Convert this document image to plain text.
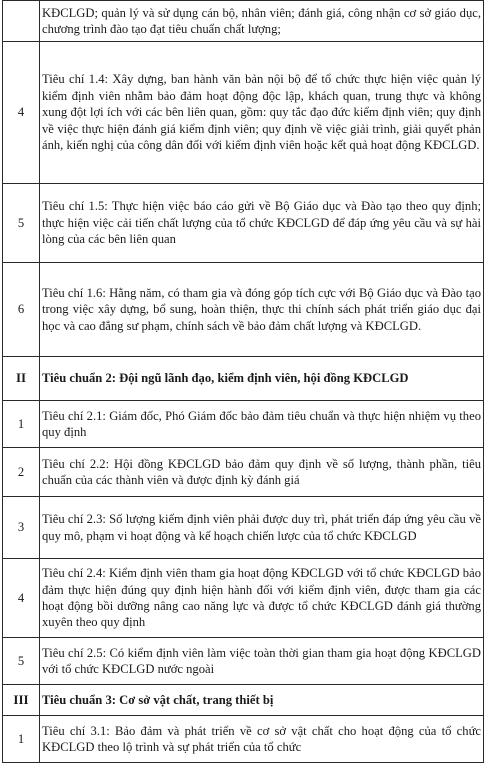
	KĐCLGD; quản lý và sử dụng cán bộ, nhân viên; đánh giá, công nhận cơ sở giáo dục, chương trình đào tạo đạt tiêu chuẩn chất lượng;
4	Tiêu chí 1.4: Xây dựng, ban hành văn bản nội bộ để tổ chức thực hiện việc quản lý kiểm định viên nhằm bảo đảm hoạt động độc lập, khách quan, trung thực và không xung đột lợi ích với các bên liên quan, gồm: quy tắc đạo đức kiểm định viên; quy định về việc thực hiện đánh giá kiểm định viên; quy định về việc giải trình, giải quyết phản ánh, kiến nghị của công dân đối với kiểm định viên hoặc kết quả hoạt động KĐCLGD.
5	Tiêu chí 1.5: Thực hiện việc báo cáo gửi về Bộ Giáo dục và Đào tạo theo quy định; thực hiện việc cải tiến chất lượng của tổ chức KĐCLGD để đáp ứng yêu cầu và sự hài lòng của các bên liên quan
6	Tiêu chí 1.6: Hằng năm, có tham gia và đóng góp tích cực với Bộ Giáo dục và Đào tạo trong việc xây dựng, bổ sung, hoàn thiện, thực thi chính sách phát triển giáo dục đại học và cao đẳng sư phạm, chính sách về bảo đảm chất lượng và KĐCLGD.
II	Tiêu chuẩn 2: Đội ngũ lãnh đạo, kiểm định viên, hội đồng KĐCLGD
1	Tiêu chí 2.1: Giám đốc, Phó Giám đốc bảo đảm tiêu chuẩn và thực hiện nhiệm vụ theo quy định
2	Tiêu chí 2.2: Hội đồng KĐCLGD bảo đảm quy định về số lượng, thành phần, tiêu chuẩn của các thành viên và được định kỳ đánh giá
3	Tiêu chí 2.3: Số lượng kiểm định viên phải được duy trì, phát triển đáp ứng yêu cầu về quy mô, phạm vi hoạt động và kế hoạch chiến lược của tổ chức KĐCLGD
4	Tiêu chí 2.4: Kiểm định viên tham gia hoạt động KĐCLGD với tổ chức KĐCLGD bảo đảm thực hiện đúng quy định hiện hành đối với kiểm định viên, được tham gia các hoạt động bồi dưỡng nâng cao năng lực và được tổ chức KĐCLGD đánh giá thường xuyên theo quy định
5	Tiêu chí 2.5: Có kiểm định viên làm việc toàn thời gian tham gia hoạt động KĐCLGD với tổ chức KĐCLGD nước ngoài
III	Tiêu chuẩn 3: Cơ sở vật chất, trang thiết bị
1	Tiêu chí 3.1: Bảo đảm và phát triển về cơ sở vật chất cho hoạt động của tổ chức KĐCLGD theo lộ trình và sự phát triển của tổ chức
